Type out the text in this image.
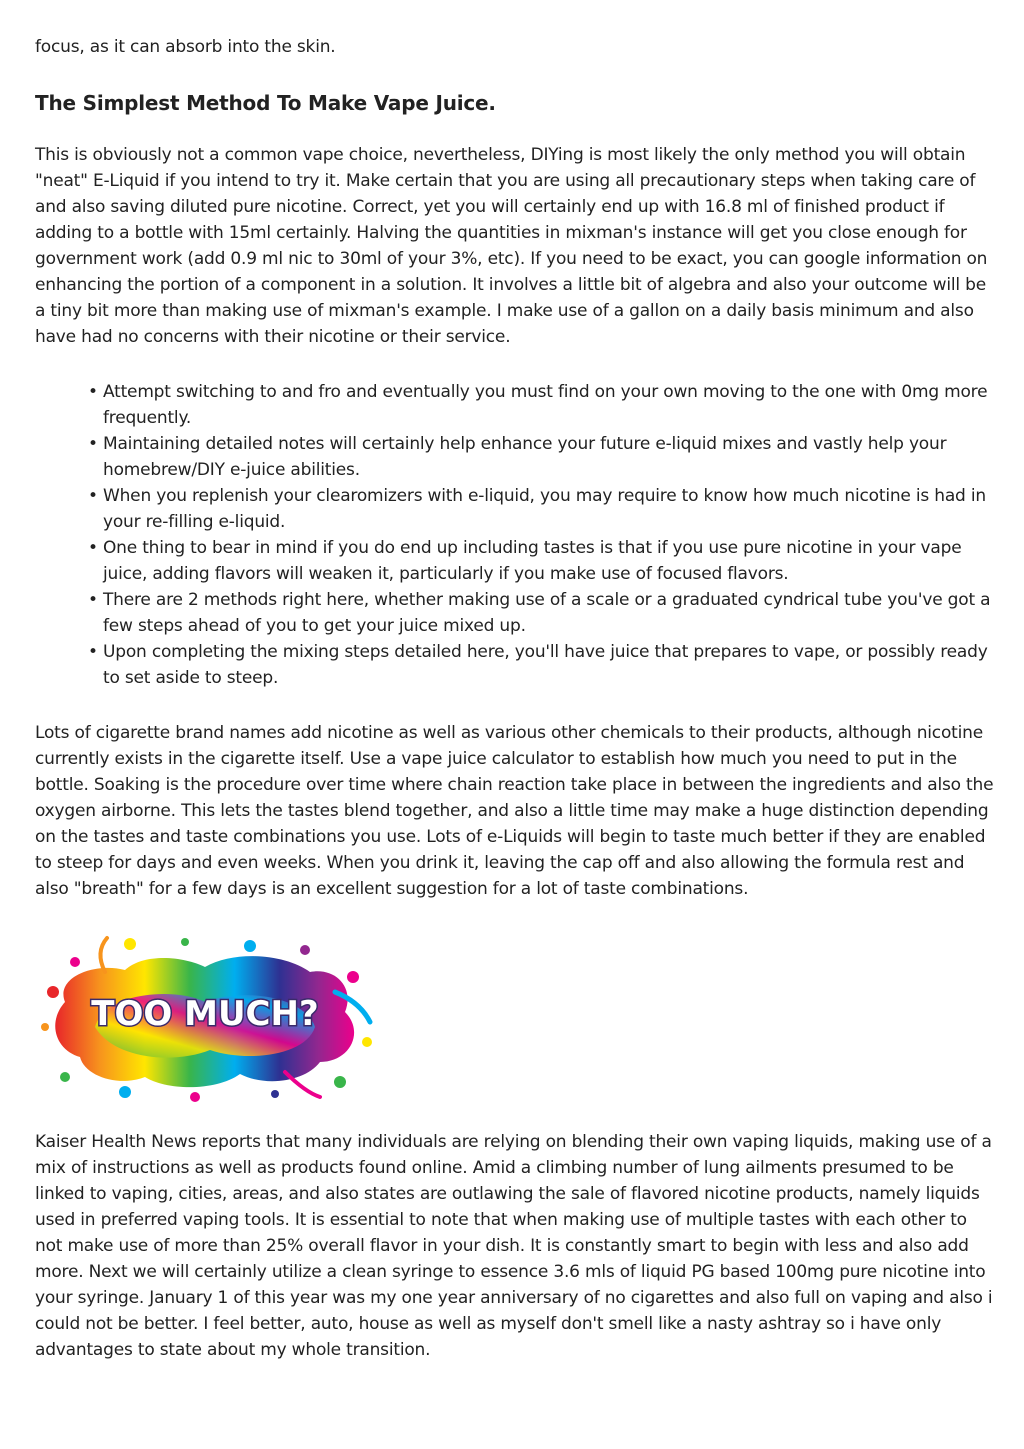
focus, as it can absorb into the skin.

The Simplest Method To Make Vape Juice.

This is obviously not a common vape choice, nevertheless, DIYing is most likely the only method you will obtain "neat" E-Liquid if you intend to try it. Make certain that you are using all precautionary steps when taking care of and also saving diluted pure nicotine. Correct, yet you will certainly end up with 16.8 ml of finished product if adding to a bottle with 15ml certainly. Halving the quantities in mixman's instance will get you close enough for government work (add 0.9 ml nic to 30ml of your 3%, etc). If you need to be exact, you can google information on enhancing the portion of a component in a solution. It involves a little bit of algebra and also your outcome will be a tiny bit more than making use of mixman's example. I make use of a gallon on a daily basis minimum and also have had no concerns with their nicotine or their service.

• Attempt switching to and fro and eventually you must find on your own moving to the one with 0mg more frequently.
• Maintaining detailed notes will certainly help enhance your future e-liquid mixes and vastly help your homebrew/DIY e-juice abilities.
• When you replenish your clearomizers with e-liquid, you may require to know how much nicotine is had in your re-filling e-liquid.
• One thing to bear in mind if you do end up including tastes is that if you use pure nicotine in your vape juice, adding flavors will weaken it, particularly if you make use of focused flavors.
• There are 2 methods right here, whether making use of a scale or a graduated cyndrical tube you've got a few steps ahead of you to get your juice mixed up.
• Upon completing the mixing steps detailed here, you'll have juice that prepares to vape, or possibly ready to set aside to steep.

Lots of cigarette brand names add nicotine as well as various other chemicals to their products, although nicotine currently exists in the cigarette itself. Use a vape juice calculator to establish how much you need to put in the bottle. Soaking is the procedure over time where chain reaction take place in between the ingredients and also the oxygen airborne. This lets the tastes blend together, and also a little time may make a huge distinction depending on the tastes and taste combinations you use. Lots of e-Liquids will begin to taste much better if they are enabled to steep for days and even weeks. When you drink it, leaving the cap off and also allowing the formula rest and also "breath" for a few days is an excellent suggestion for a lot of taste combinations.

TOO MUCH?

Kaiser Health News reports that many individuals are relying on blending their own vaping liquids, making use of a mix of instructions as well as products found online. Amid a climbing number of lung ailments presumed to be linked to vaping, cities, areas, and also states are outlawing the sale of flavored nicotine products, namely liquids used in preferred vaping tools. It is essential to note that when making use of multiple tastes with each other to not make use of more than 25% overall flavor in your dish. It is constantly smart to begin with less and also add more. Next we will certainly utilize a clean syringe to essence 3.6 mls of liquid PG based 100mg pure nicotine into your syringe. January 1 of this year was my one year anniversary of no cigarettes and also full on vaping and also i could not be better. I feel better, auto, house as well as myself don't smell like a nasty ashtray so i have only advantages to state about my whole transition.
